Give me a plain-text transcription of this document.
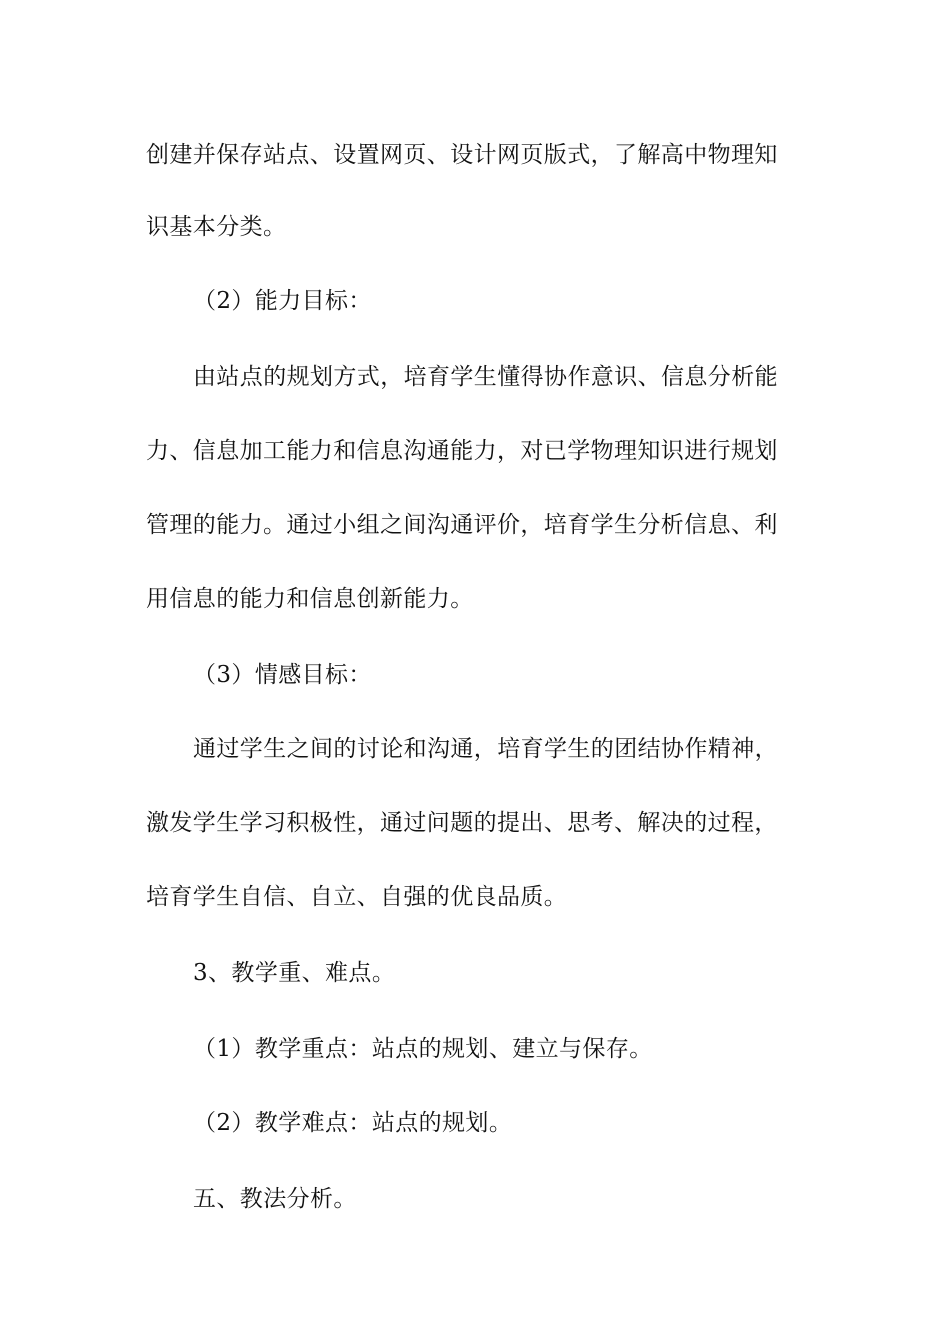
创建并保存站点、设置网页、设计网页版式，了解高中物理知
识基本分类。
（2）能力目标：
由站点的规划方式，培育学生懂得协作意识、信息分析能
力、信息加工能力和信息沟通能力，对已学物理知识进行规划
管理的能力。通过小组之间沟通评价，培育学生分析信息、利
用信息的能力和信息创新能力。
（3）情感目标：
通过学生之间的讨论和沟通，培育学生的团结协作精神，
激发学生学习积极性，通过问题的提出、思考、解决的过程，
培育学生自信、自立、自强的优良品质。
3、教学重、难点。
（1）教学重点：站点的规划、建立与保存。
（2）教学难点：站点的规划。
五、教法分析。
